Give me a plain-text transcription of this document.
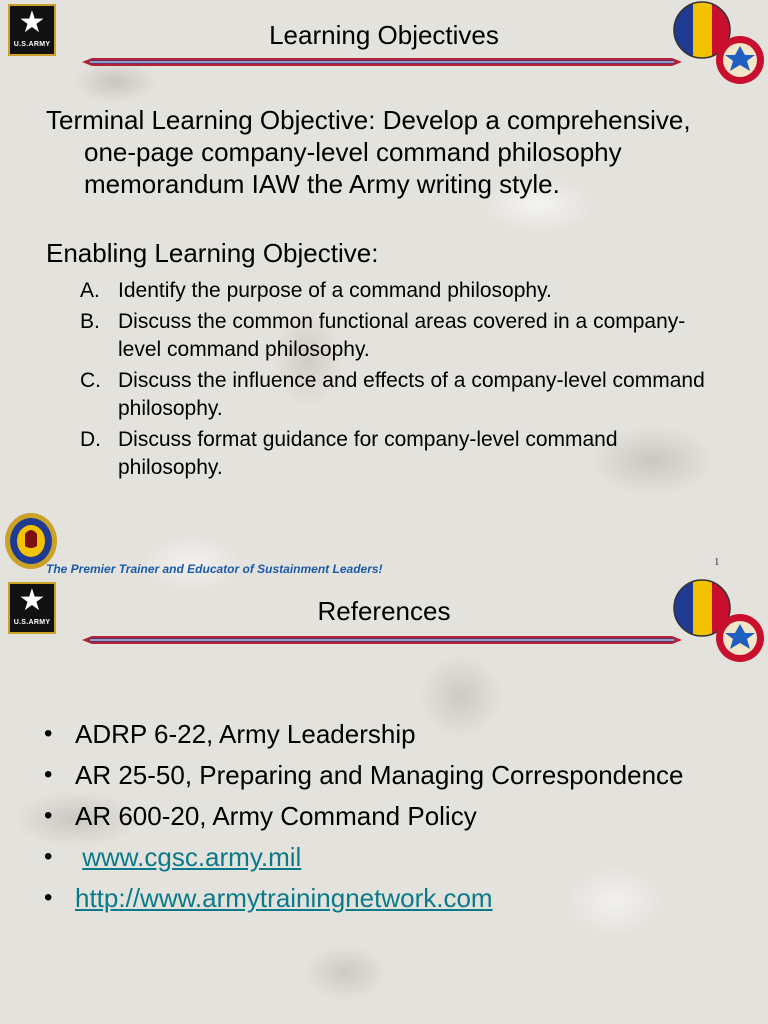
★
U.S.ARMY	Learning Objectives
Terminal Learning Objective: Develop a comprehensive, one-page company-level command philosophy memorandum IAW the Army writing style.
Enabling Learning Objective:
A. Identify the purpose of a command philosophy.
B. Discuss the common functional areas covered in a company-level command philosophy.
C. Discuss the influence and effects of a company-level command philosophy.
D. Discuss format guidance for company-level command philosophy.
1
The Premier Trainer and Educator of Sustainment Leaders!
★
U.S.ARMY	References
• ADRP 6-22, Army Leadership
• AR 25-50, Preparing and Managing Correspondence
• AR 600-20, Army Command Policy
•	www.cgsc.army.mil
• http://www.armytrainingnetwork.com
